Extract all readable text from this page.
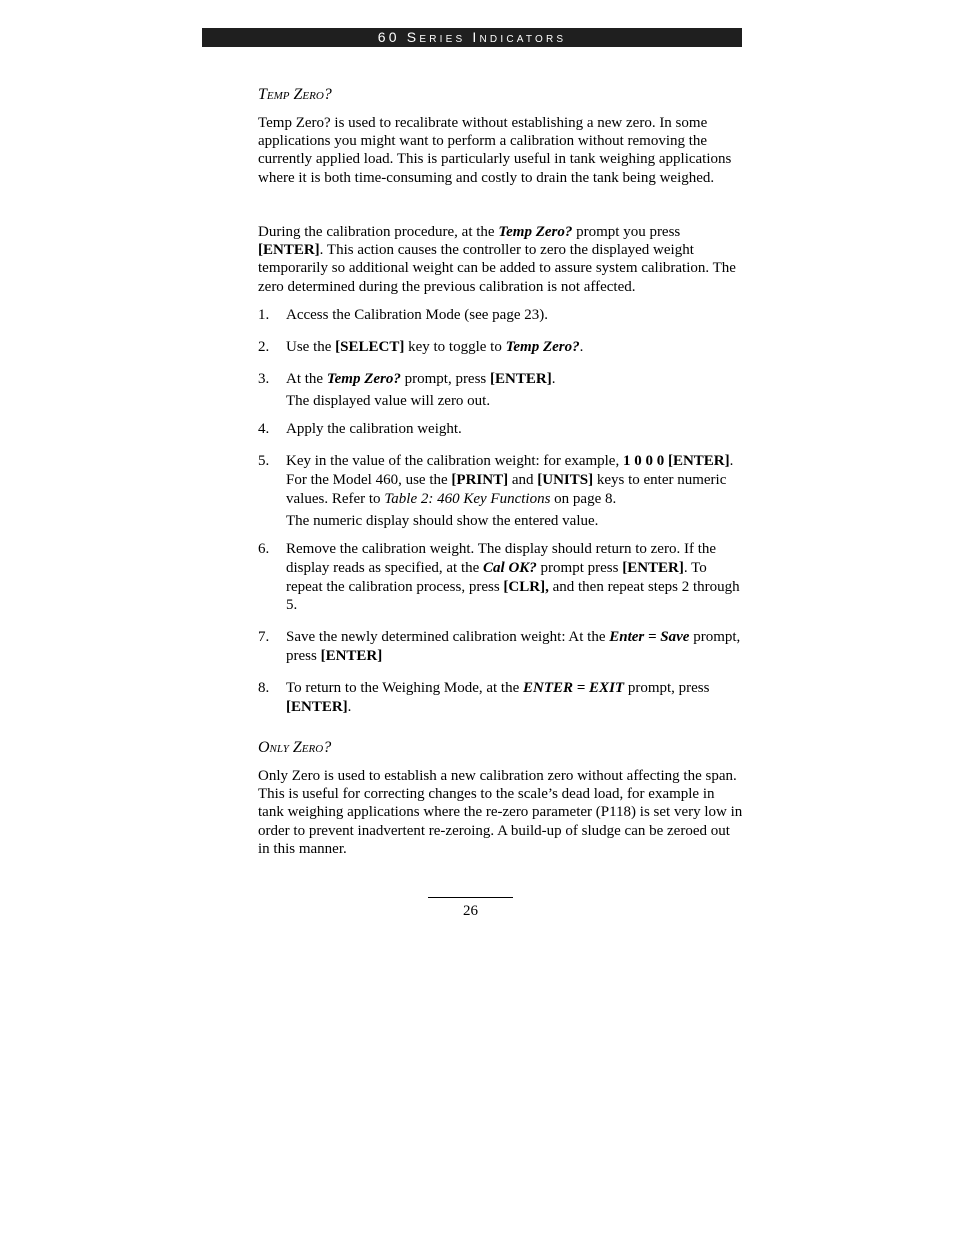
60 Series Indicators
Temp Zero?
Temp Zero? is used to recalibrate without establishing a new zero. In some applications you might want to perform a calibration without removing the currently applied load. This is particularly useful in tank weighing applications where it is both time-consuming and costly to drain the tank being weighed.
During the calibration procedure, at the Temp Zero? prompt you press [ENTER]. This action causes the controller to zero the displayed weight temporarily so additional weight can be added to assure system calibration. The zero determined during the previous calibration is not affected.
1.	Access the Calibration Mode (see page 23).
2.	Use the [SELECT] key to toggle to Temp Zero?.
3.	At the Temp Zero? prompt, press [ENTER].
The displayed value will zero out.
4.	Apply the calibration weight.
5.	Key in the value of the calibration weight: for example, 1 0 0 0 [ENTER]. For the Model 460, use the [PRINT] and [UNITS] keys to enter numeric values. Refer to Table 2: 460 Key Functions on page 8.
The numeric display should show the entered value.
6.	Remove the calibration weight. The display should return to zero. If the display reads as specified, at the Cal OK? prompt press [ENTER]. To repeat the calibration process, press [CLR], and then repeat steps 2 through 5.
7.	Save the newly determined calibration weight: At the Enter = Save prompt, press [ENTER]
8.	To return to the Weighing Mode, at the ENTER = EXIT prompt, press [ENTER].
Only Zero?
Only Zero is used to establish a new calibration zero without affecting the span. This is useful for correcting changes to the scale’s dead load, for example in tank weighing applications where the re-zero parameter (P118) is set very low in order to prevent inadvertent re-zeroing. A build-up of sludge can be zeroed out in this manner.
26
